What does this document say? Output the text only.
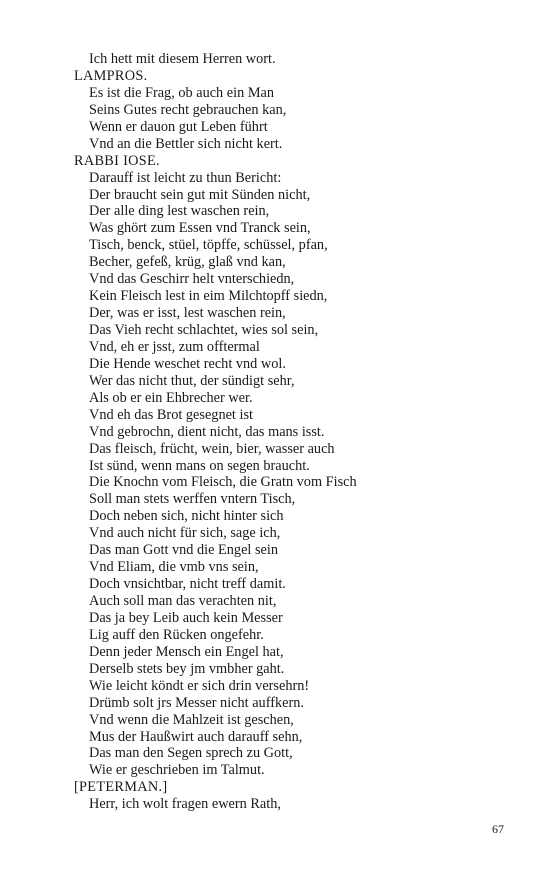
Ich hett mit diesem Herren wort.
LAMPROS.
Es ist die Frag, ob auch ein Man
Seins Gutes recht gebrauchen kan,
Wenn er dauon gut Leben führt
Vnd an die Bettler sich nicht kert.
RABBI IOSE.
Darauff ist leicht zu thun Bericht:
Der braucht sein gut mit Sünden nicht,
Der alle ding lest waschen rein,
Was ghört zum Essen vnd Tranck sein,
Tisch, benck, stüel, töpffe, schüssel, pfan,
Becher, gefeß, krüg, glaß vnd kan,
Vnd das Geschirr helt vnterschiedn,
Kein Fleisch lest in eim Milchtopff siedn,
Der, was er isst, lest waschen rein,
Das Vieh recht schlachtet, wies sol sein,
Vnd, eh er jsst, zum offtermal
Die Hende weschet recht vnd wol.
Wer das nicht thut, der sündigt sehr,
Als ob er ein Ehbrecher wer.
Vnd eh das Brot gesegnet ist
Vnd gebrochn, dient nicht, das mans isst.
Das fleisch, frücht, wein, bier, wasser auch
Ist sünd, wenn mans on segen braucht.
Die Knochn vom Fleisch, die Gratn vom Fisch
Soll man stets werffen vntern Tisch,
Doch neben sich, nicht hinter sich
Vnd auch nicht für sich, sage ich,
Das man Gott vnd die Engel sein
Vnd Eliam, die vmb vns sein,
Doch vnsichtbar, nicht treff damit.
Auch soll man das verachten nit,
Das ja bey Leib auch kein Messer
Lig auff den Rücken ongefehr.
Denn jeder Mensch ein Engel hat,
Derselb stets bey jm vmbher gaht.
Wie leicht köndt er sich drin versehrn!
Drümb solt jrs Messer nicht auffkern.
Vnd wenn die Mahlzeit ist geschen,
Mus der Haußwirt auch darauff sehn,
Das man den Segen sprech zu Gott,
Wie er geschrieben im Talmut.
[PETERMAN.]
Herr, ich wolt fragen ewern Rath,
67
